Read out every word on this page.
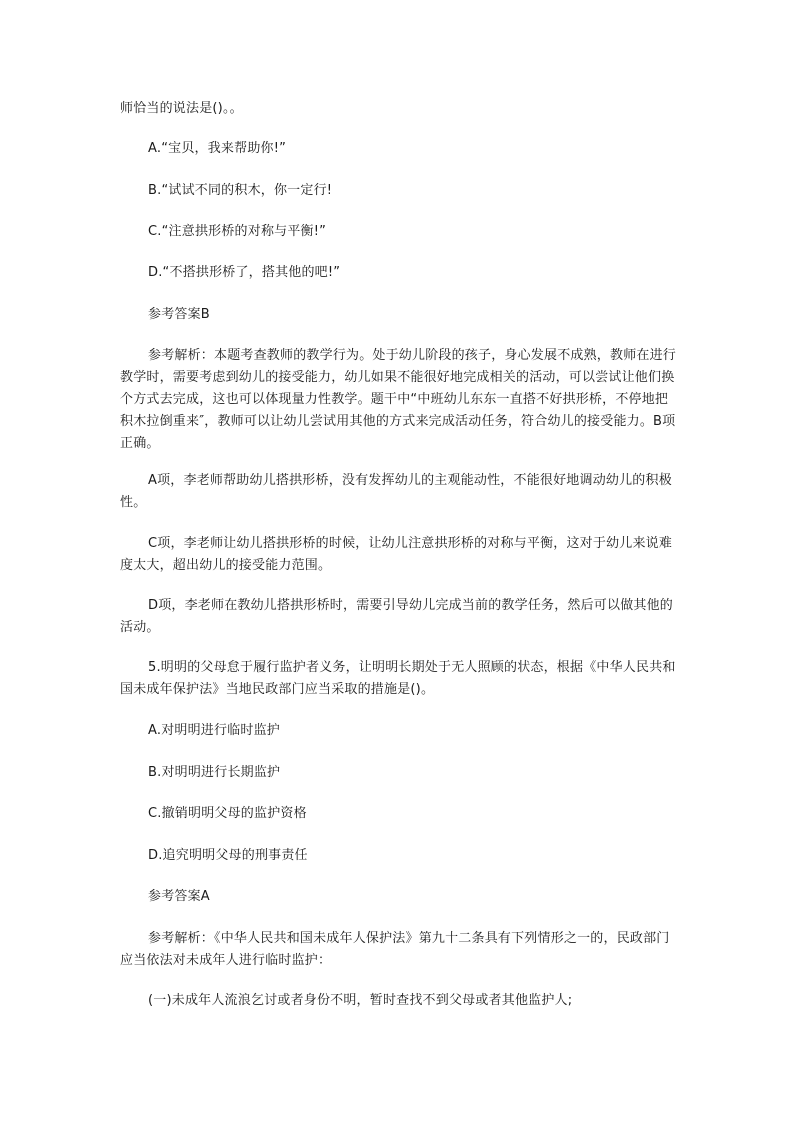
师恰当的说法是()。。
A.“宝贝，我来帮助你!”
B.“试试不同的积木，你一定行!
C.“注意拱形桥的对称与平衡!”
D.“不搭拱形桥了，搭其他的吧!”
参考答案B
参考解析：本题考查教师的教学行为。处于幼儿阶段的孩子，身心发展不成熟，教师在进行教学时，需要考虑到幼儿的接受能力，幼儿如果不能很好地完成相关的活动，可以尝试让他们换个方式去完成，这也可以体现量力性教学。题干中“中班幼儿东东一直搭不好拱形桥，不停地把积木拉倒重来″，教师可以让幼儿尝试用其他的方式来完成活动任务，符合幼儿的接受能力。B项正确。
A项，李老师帮助幼儿搭拱形桥，没有发挥幼儿的主观能动性，不能很好地调动幼儿的积极性。
C项，李老师让幼儿搭拱形桥的时候，让幼儿注意拱形桥的对称与平衡，这对于幼儿来说难度太大，超出幼儿的接受能力范围。
D项，李老师在教幼儿搭拱形桥时，需要引导幼儿完成当前的教学任务，然后可以做其他的活动。
5.明明的父母怠于履行监护者义务，让明明长期处于无人照顾的状态，根据《中华人民共和国未成年保护法》当地民政部门应当采取的措施是()。
A.对明明进行临时监护
B.对明明进行长期监护
C.撤销明明父母的监护资格
D.追究明明父母的刑事责任
参考答案A
参考解析：《中华人民共和国未成年人保护法》第九十二条具有下列情形之一的，民政部门应当依法对未成年人进行临时监护：
(一)未成年人流浪乞讨或者身份不明，暂时查找不到父母或者其他监护人;
